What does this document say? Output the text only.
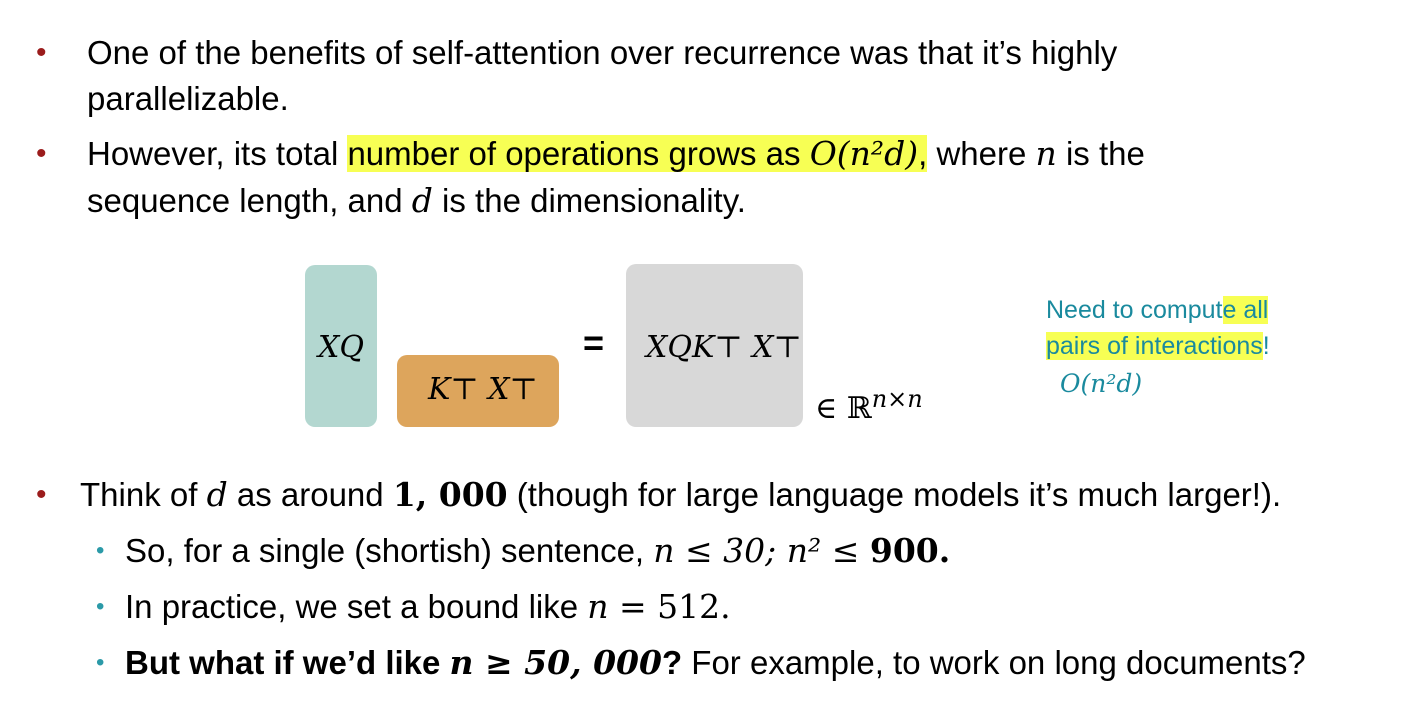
• One of the benefits of self-attention over recurrence was that it’s highly
parallelizable.
• However, its total number of operations grows as O(n²d), where n is the
sequence length, and d is the dimensionality.
XQ
K⊤ X⊤
= XQK⊤ X⊤
∈ ℝ$^{n\times n}$
Need to compute all
pairs of interactions!
O(n²d)
• Think of d as around 1, 000 (though for large language models it’s much larger!).
• So, for a single (shortish) sentence, n ≤ 30; n² ≤ 900.
• In practice, we set a bound like n = 512.
• But what if we’d like n ≥ 50, 000? For example, to work on long documents?
